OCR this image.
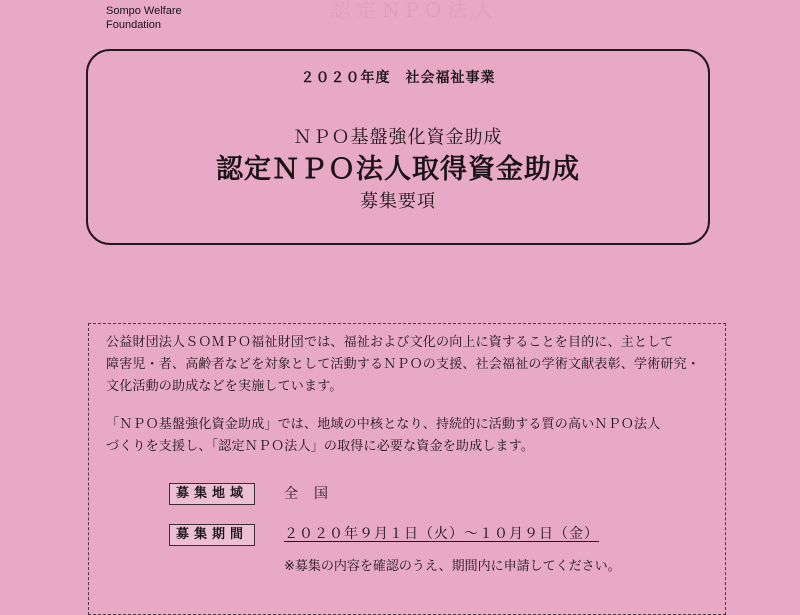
認定NPO法人
Sompo Welfare
Foundation
２０２０年度　社会福祉事業
ＮＰＯ基盤強化資金助成
認定ＮＰＯ法人取得資金助成
募集要項
公益財団法人ＳＯＭＰＯ福祉財団では、福祉および文化の向上に資することを目的に、主として
障害児・者、高齢者などを対象として活動するＮＰＯの支援、社会福祉の学術文献表彰、学術研究・
文化活動の助成などを実施しています。
「ＮＰＯ基盤強化資金助成」では、地域の中核となり、持続的に活動する質の高いＮＰＯ法人
づくりを支援し、「認定ＮＰＯ法人」の取得に必要な資金を助成します。
募集地域	全　国
募集期間	２０２０年９月１日（火）～１０月９日（金）
※募集の内容を確認のうえ、期間内に申請してください。
